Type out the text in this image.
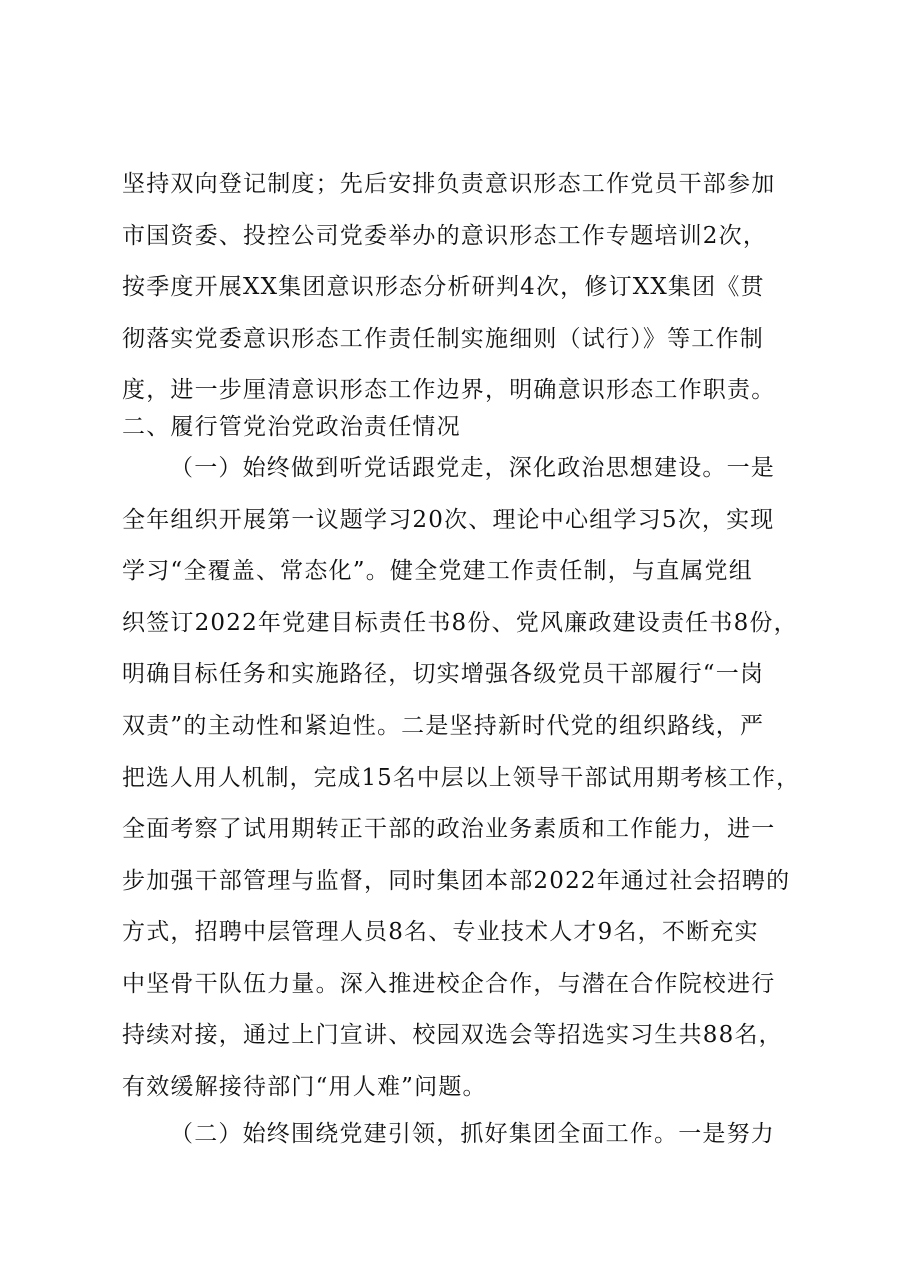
坚持双向登记制度；先后安排负责意识形态工作党员干部参加
市国资委、投控公司党委举办的意识形态工作专题培训2次，
按季度开展XX集团意识形态分析研判4次，修订XX集团《贯
彻落实党委意识形态工作责任制实施细则（试行）》等工作制
度，进一步厘清意识形态工作边界，明确意识形态工作职责。
二、履行管党治党政治责任情况
（一）始终做到听党话跟党走，深化政治思想建设。一是
全年组织开展第一议题学习20次、理论中心组学习5次，实现
学习“全覆盖、常态化”。健全党建工作责任制，与直属党组
织签订2022年党建目标责任书8份、党风廉政建设责任书8份，
明确目标任务和实施路径，切实增强各级党员干部履行“一岗
双责”的主动性和紧迫性。二是坚持新时代党的组织路线，严
把选人用人机制，完成15名中层以上领导干部试用期考核工作，
全面考察了试用期转正干部的政治业务素质和工作能力，进一
步加强干部管理与监督，同时集团本部2022年通过社会招聘的
方式，招聘中层管理人员8名、专业技术人才9名，不断充实
中坚骨干队伍力量。深入推进校企合作，与潜在合作院校进行
持续对接，通过上门宣讲、校园双选会等招选实习生共88名，
有效缓解接待部门“用人难”问题。
（二）始终围绕党建引领，抓好集团全面工作。一是努力
